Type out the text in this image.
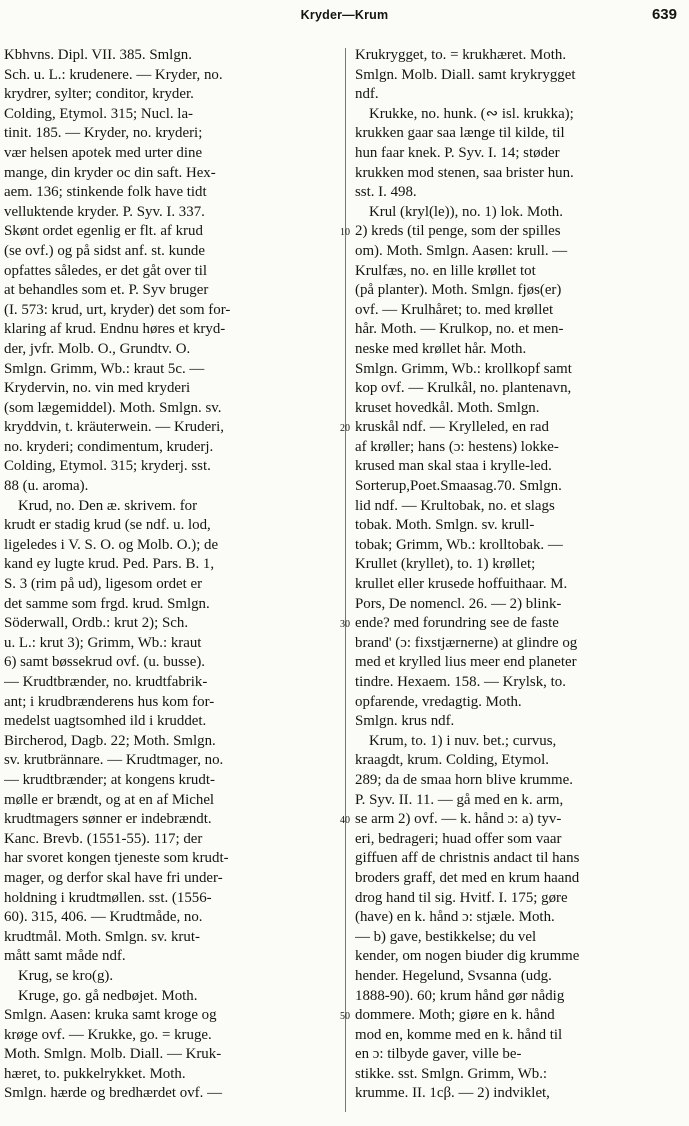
Kryder—Krum	639
Kbhvns. Dipl. VII. 385. Smlgn.
Sch. u. L.: krudenere. — Kryder, no.
krydrer, sylter; conditor, kryder.
Colding, Etymol. 315; Nucl. la-
tinit. 185. — Kryder, no. kryderi;
vær helsen apotek med urter dine
mange, din kryder oc din saft. Hex-
aem. 136; stinkende folk have tidt
velluktende kryder. P. Syv. I. 337.
Skønt ordet egenlig er flt. af krud
(se ovf.) og på sidst anf. st. kunde
opfattes således, er det gåt over til
at behandles som et. P. Syv bruger
(I. 573: krud, urt, kryder) det som for-
klaring af krud. Endnu høres et kryd-
der, jvfr. Molb. O., Grundtv. O.
Smlgn. Grimm, Wb.: kraut 5c. —
Krydervin, no. vin med kryderi
(som lægemiddel). Moth. Smlgn. sv.
kryddvin, t. kräuterwein. — Kruderi,
no. kryderi; condimentum, kruderj.
Colding, Etymol. 315; kryderj. sst.
88 (u. aroma).
Krud, no. Den æ. skrivem. for
krudt er stadig krud (se ndf. u. lod,
ligeledes i V. S. O. og Molb. O.); de
kand ey lugte krud. Ped. Pars. B. 1,
S. 3 (rim på ud), ligesom ordet er
det samme som frgd. krud. Smlgn.
Söderwall, Ordb.: krut 2); Sch.
u. L.: krut 3); Grimm, Wb.: kraut
6) samt bøssekrud ovf. (u. busse).
— Krudtbrænder, no. krudtfabrik-
ant; i krudbrænderens hus kom for-
medelst uagtsomhed ild i kruddet.
Bircherod, Dagb. 22; Moth. Smlgn.
sv. krutbrännare. — Krudtmager, no.
— krudtbrænder; at kongens krudt-
mølle er brændt, og at en af Michel
krudtmagers sønner er indebrændt.
Kanc. Brevb. (1551-55). 117; der
har svoret kongen tjeneste som krudt-
mager, og derfor skal have fri under-
holdning i krudtmøllen. sst. (1556-
60). 315, 406. — Krudtmåde, no.
krudtmål. Moth. Smlgn. sv. krut-
mått samt måde ndf.
Krug, se kro(g).
Kruge, go. gå nedbøjet. Moth.
Smlgn. Aasen: kruka samt kroge og
krøge ovf. — Krukke, go. = kruge.
Moth. Smlgn. Molb. Diall. — Kruk-
hæret, to. pukkelrykket. Moth.
Smlgn. hærde og bredhærdet ovf. —
Krukrygget, to. = krukhæret. Moth.
Smlgn. Molb. Diall. samt krykrygget
ndf.
Krukke, no. hunk. (∾ isl. krukka);
krukken gaar saa længe til kilde, til
hun faar knek. P. Syv. I. 14; støder
krukken mod stenen, saa brister hun.
sst. I. 498.
Krul (kryl(le)), no. 1) lok. Moth.
2) kreds (til penge, som der spilles
om). Moth. Smlgn. Aasen: krull. —
Krulfæs, no. en lille krøllet tot
(på planter). Moth. Smlgn. fjøs(er)
ovf. — Krulhåret; to. med krøllet
hår. Moth. — Krulkop, no. et men-
neske med krøllet hår. Moth.
Smlgn. Grimm, Wb.: krollkopf samt
kop ovf. — Krulkål, no. plantenavn,
kruset hovedkål. Moth. Smlgn.
kruskål ndf. — Krylleled, en rad
af krøller; hans (ɔ: hestens) lokke-
krused man skal staa i krylle-led.
Sorterup,Poet.Smaasag.70. Smlgn.
lid ndf. — Krultobak, no. et slags
tobak. Moth. Smlgn. sv. krull-
tobak; Grimm, Wb.: krolltobak. —
Krullet (kryllet), to. 1) krøllet;
krullet eller krusede hoffuithaar. M.
Pors, De nomencl. 26. — 2) blink-
ende? med forundring see de faste
brand' (ɔ: fixstjærnerne) at glindre og
med et krylled lius meer end planeter
tindre. Hexaem. 158. — Krylsk, to.
opfarende, vredagtig. Moth.
Smlgn. krus ndf.
Krum, to. 1) i nuv. bet.; curvus,
kraagdt, krum. Colding, Etymol.
289; da de smaa horn blive krumme.
P. Syv. II. 11. — gå med en k. arm,
se arm 2) ovf. — k. hånd ɔ: a) tyv-
eri, bedrageri; huad offer som vaar
giffuen aff de christnis andact til hans
broders graff, det med en krum haand
drog hand til sig. Hvitf. I. 175; gøre
(have) en k. hånd ɔ: stjæle. Moth.
— b) gave, bestikkelse; du vel
kender, om nogen biuder dig krumme
hender. Hegelund, Svsanna (udg.
1888-90). 60; krum hånd gør nådig
dommere. Moth; giøre en k. hånd
mod en, komme med en k. hånd til
en ɔ: tilbyde gaver, ville be-
stikke. sst. Smlgn. Grimm, Wb.:
krumme. II. 1cβ. — 2) indviklet,
10
20
30
40
50
